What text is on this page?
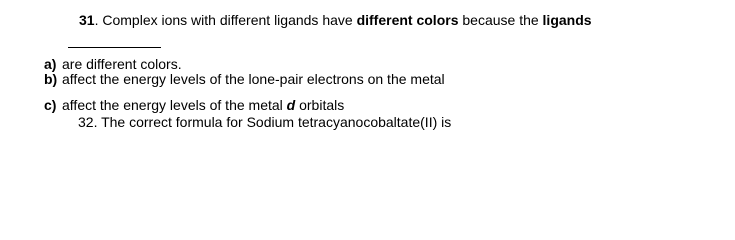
31. Complex ions with different ligands have different colors because the ligands
a) are different colors.
b) affect the energy levels of the lone-pair electrons on the metal
c) affect the energy levels of the metal d orbitals
32. The correct formula for Sodium tetracyanocobaltate(II) is
